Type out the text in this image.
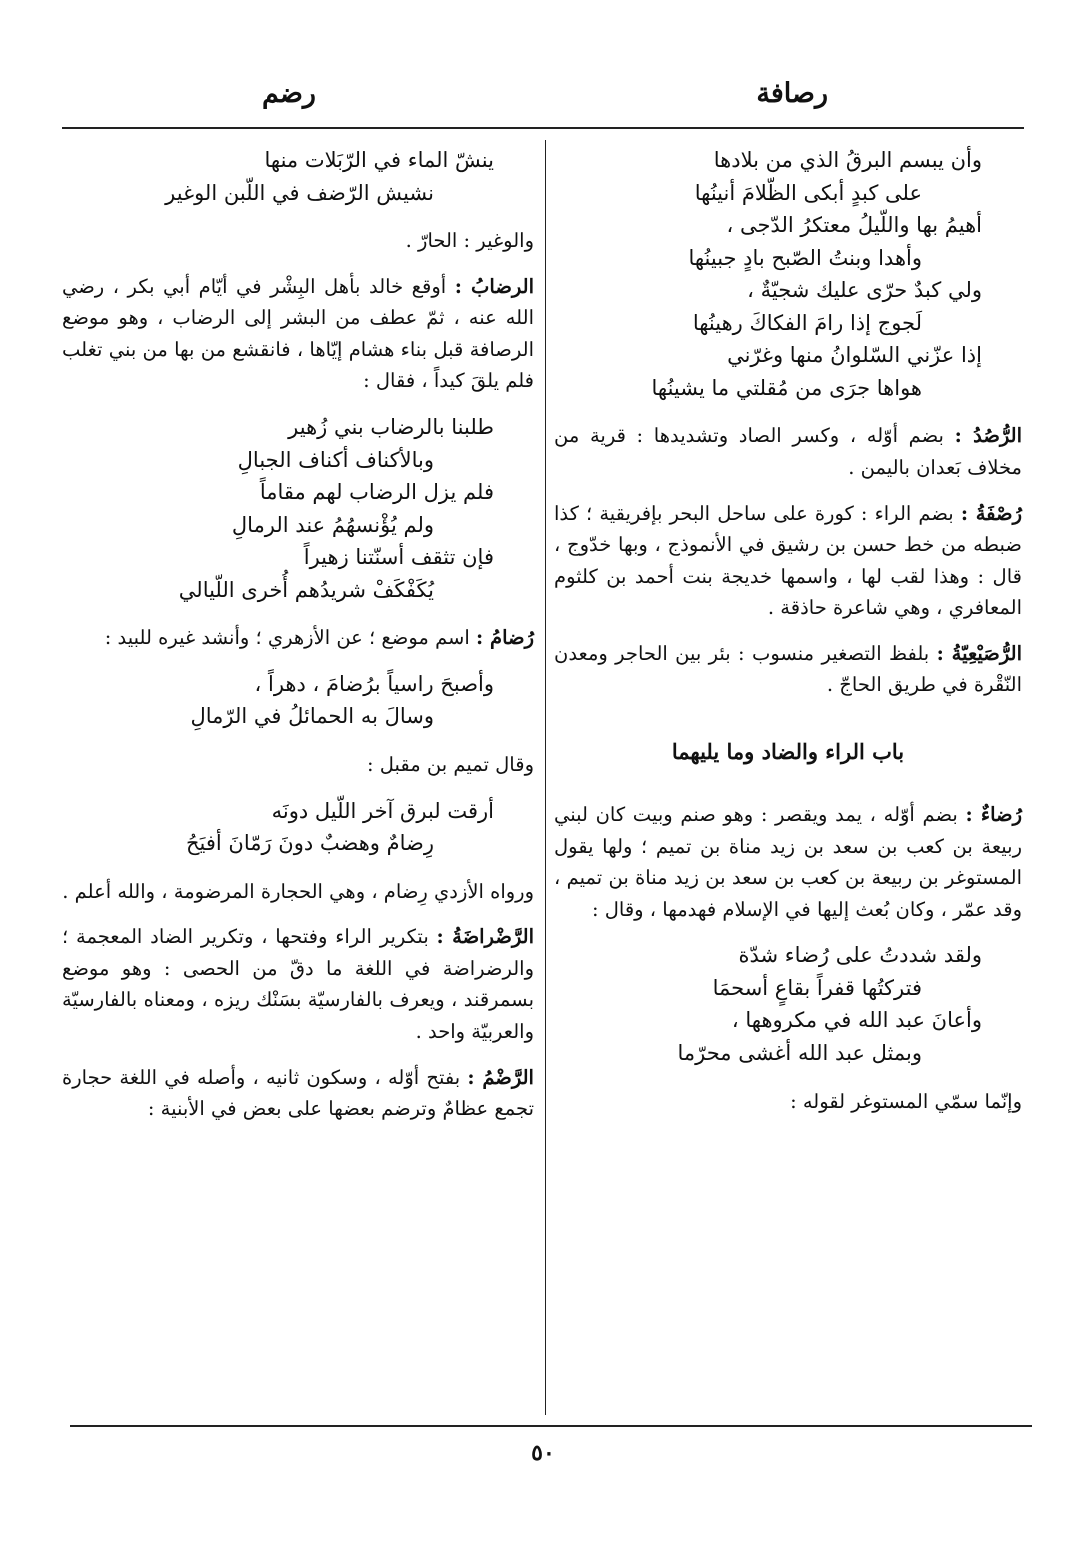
رصافة
رضم
وأن يبسم البرقُ الذي من بلادها
على كبدٍ أبكى الظّلامَ أنينُها
أهيمُ بها واللّيلُ معتكرُ الدّجى ،
وأهدا وبنتُ الصّبح بادٍ جبينُها
ولي كبدٌ حرّى عليك شجيّةٌ ،
لَجوج إذا رامَ الفكاكَ رهينُها
إذا عزّني السّلوانُ منها وغرّني
هواها جرَى من مُقلتي ما يشينُها

الرُّصُدُ : بضم أوّله ، وكسر الصاد وتشديدها : قرية من مخلاف بَعدان باليمن .

رُصْفَةُ : بضم الراء : كورة على ساحل البحر بإفريقية ؛ كذا ضبطه من خط حسن بن رشيق في الأنموذج ، وبها خدّوج ، قال : وهذا لقب لها ، واسمها خديجة بنت أحمد بن كلثوم المعافري ، وهي شاعرة حاذقة .

الرُّصَيْعِيّةُ : بلفظ التصغير منسوب : بئر بين الحاجر ومعدن النّقْرة في طريق الحاجّ .

باب الراء والضاد وما يليهما

رُضاءٌ : بضم أوّله ، يمد ويقصر : وهو صنم وبيت كان لبني ربيعة بن كعب بن سعد بن زيد مناة بن تميم ؛ ولها يقول المستوغر بن ربيعة بن كعب بن سعد بن زيد مناة بن تميم ، وقد عمّر ، وكان بُعث إليها في الإسلام فهدمها ، وقال :

ولقد شددتُ على رُضاء شدّة
فتركتُها قفراً بقاعٍ أسحمَا
وأعانَ عبد الله في مكروهها ،
وبمثل عبد الله أغشى محرّما

وإنّما سمّي المستوغر لقوله :

ينشّ الماء في الرّبَلات منها
نشيش الرّضف في اللّبن الوغير

والوغير : الحارّ .

الرضابُ : أوقع خالد بأهل البِشْر في أيّام أبي بكر ، رضي الله عنه ، ثمّ عطف من البشر إلى الرضاب ، وهو موضع الرصافة قبل بناء هشام إيّاها ، فانقشع من بها من بني تغلب فلم يلقَ كيداً ، فقال :

طلبنا بالرضاب بني زُهير
وبالأكناف أكناف الجبالِ
فلم يزل الرضاب لهم مقاماً
ولم يُؤْنسهُمُ عند الرمالِ
فإن تثقف أسنّتنا زهيراً
يُكَفْكَفْ شريدُهم أُخرى اللّيالي

رُضامُ : اسم موضع ؛ عن الأزهري ؛ وأنشد غيره للبيد :

وأصبحَ راسياً برُضامَ ، دهراً ،
وسالَ به الحمائلُ في الرّمالِ

وقال تميم بن مقبل :

أرقت لبرق آخر اللّيل دونَه
رِضامٌ وهضبٌ دونَ رَمّانَ أفيَحُ

ورواه الأزدي رِضام ، وهي الحجارة المرضومة ، والله أعلم .

الرَّضْراضَةُ : بتكرير الراء وفتحها ، وتكرير الضاد المعجمة ؛ والرضراضة في اللغة ما دقّ من الحصى : وهو موضع بسمرقند ، ويعرف بالفارسيّة بسَنْك ريزه ، ومعناه بالفارسيّة والعربيّة واحد .

الرَّضْمُ : بفتح أوّله ، وسكون ثانيه ، وأصله في اللغة حجارة تجمع عظامٌ وترضم بعضها على بعض في الأبنية :

٥٠
